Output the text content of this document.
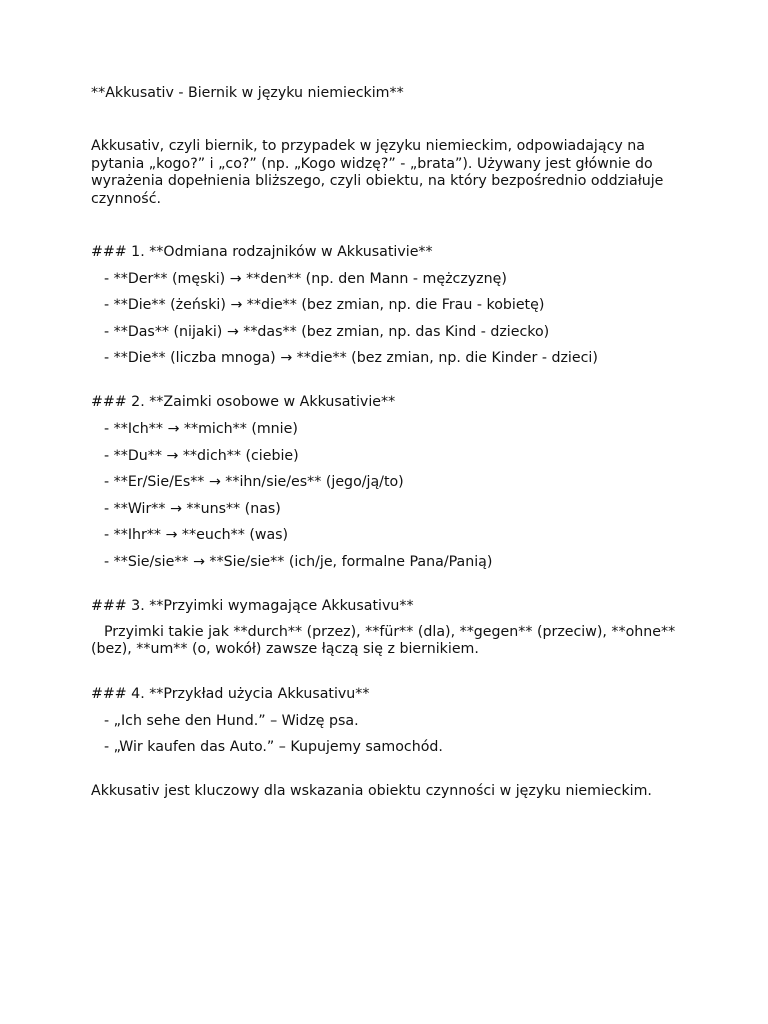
**Akkusativ - Biernik w języku niemieckim**
Akkusativ, czyli biernik, to przypadek w języku niemieckim, odpowiadający na pytania „kogo?” i „co?” (np. „Kogo widzę?” - „brata”). Używany jest głównie do wyrażenia dopełnienia bliższego, czyli obiektu, na który bezpośrednio oddziałuje czynność.
### 1. **Odmiana rodzajników w Akkusativie**
- **Der** (męski) → **den** (np. den Mann - mężczyznę)
- **Die** (żeński) → **die** (bez zmian, np. die Frau - kobietę)
- **Das** (nijaki) → **das** (bez zmian, np. das Kind - dziecko)
- **Die** (liczba mnoga) → **die** (bez zmian, np. die Kinder - dzieci)
### 2. **Zaimki osobowe w Akkusativie**
- **Ich** → **mich** (mnie)
- **Du** → **dich** (ciebie)
- **Er/Sie/Es** → **ihn/sie/es** (jego/ją/to)
- **Wir** → **uns** (nas)
- **Ihr** → **euch** (was)
- **Sie/sie** → **Sie/sie** (ich/je, formalne Pana/Panią)
### 3. **Przyimki wymagające Akkusativu**
Przyimki takie jak **durch** (przez), **für** (dla), **gegen** (przeciw), **ohne** (bez), **um** (o, wokół) zawsze łączą się z biernikiem.
### 4. **Przykład użycia Akkusativu**
- „Ich sehe den Hund.” – Widzę psa.
- „Wir kaufen das Auto.” – Kupujemy samochód.
Akkusativ jest kluczowy dla wskazania obiektu czynności w języku niemieckim.
